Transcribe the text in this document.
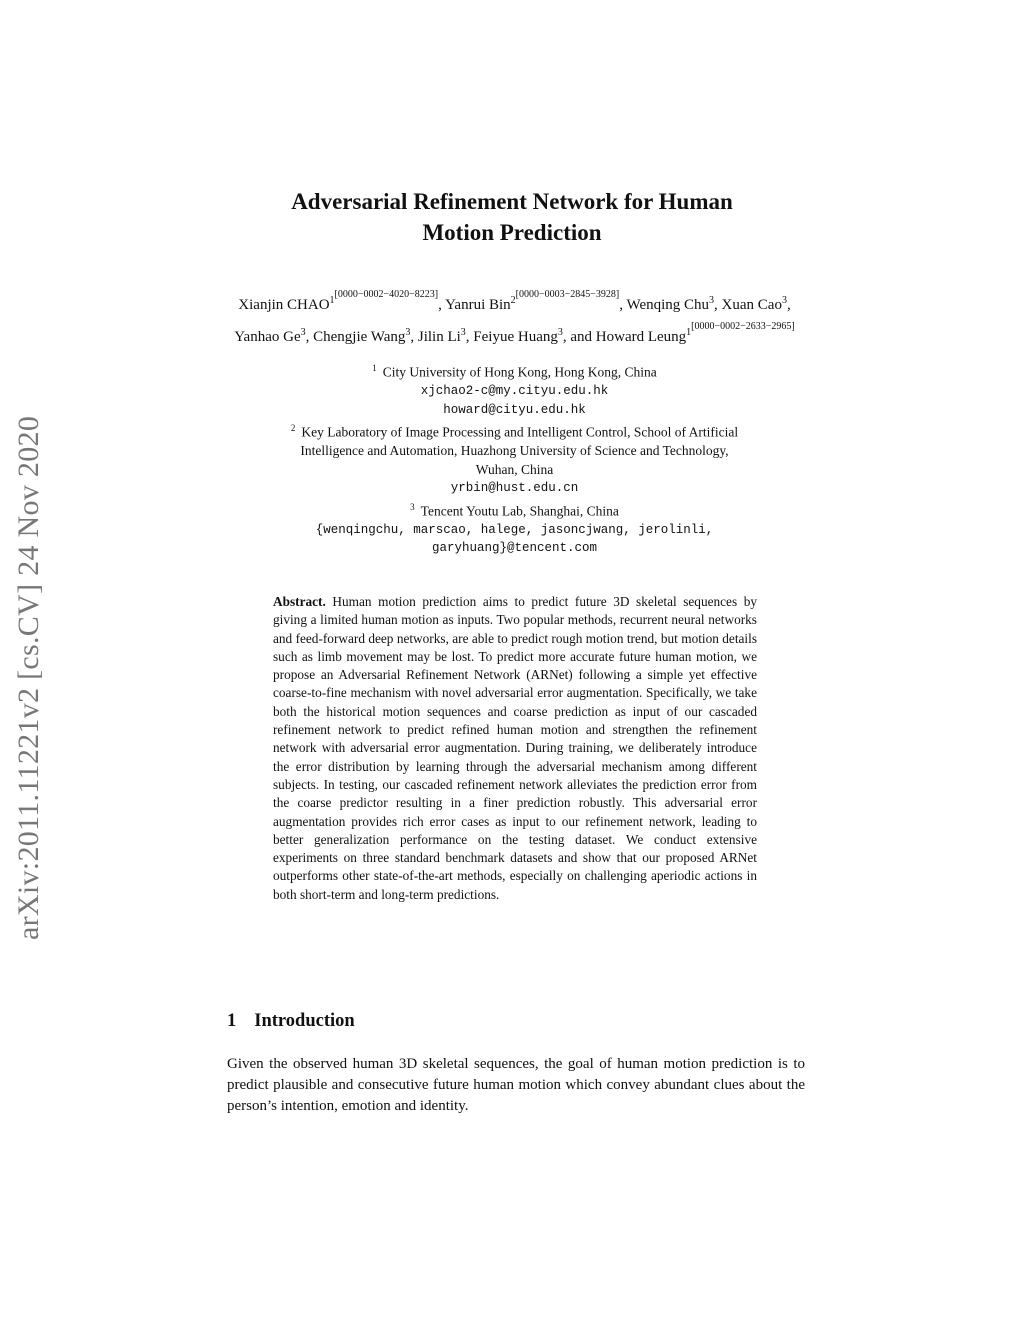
arXiv:2011.11221v2 [cs.CV] 24 Nov 2020
Adversarial Refinement Network for Human
Motion Prediction
Xianjin $CHAO^{1[0000-0002-4020-8223]}$, Yanrui Bin$^{2[0000-0003-2845-3928]}$, Wenqing Chu$^3$, Xuan Cao$^3$, Yanhao Ge$^3$, Chengjie Wang$^3$, Jilin Li$^3$, Feiyue Huang$^3$, and Howard Leung$^{1[0000-0002-2633-2965]}$
$^1$ City University of Hong Kong, Hong Kong, China
xjchao2-c@my.cityu.edu.hk
howard@cityu.edu.hk
$^2$ Key Laboratory of Image Processing and Intelligent Control, School of Artificial
Intelligence and Automation, Huazhong University of Science and Technology,
Wuhan, China
yrbin@hust.edu.cn
$^3$ Tencent Youtu Lab, Shanghai, China
{wenqingchu, marscao, halege, jasoncjwang, jerolinli,
garyhuang}@tencent.com
Abstract. Human motion prediction aims to predict future 3D skeletal sequences by giving a limited human motion as inputs. Two popular methods, recurrent neural networks and feed-forward deep networks, are able to predict rough motion trend, but motion details such as limb movement may be lost. To predict more accurate future human motion, we propose an Adversarial Refinement Network (ARNet) following a simple yet effective coarse-to-fine mechanism with novel adversarial error augmentation. Specifically, we take both the historical motion sequences and coarse prediction as input of our cascaded refinement network to predict refined human motion and strengthen the refinement network with adversarial error augmentation. During training, we deliberately introduce the error distribution by learning through the adversarial mechanism among different subjects. In testing, our cascaded refinement network alleviates the prediction error from the coarse predictor resulting in a finer prediction robustly. This adversarial error augmentation provides rich error cases as input to our refinement network, leading to better generalization performance on the testing dataset. We conduct extensive experiments on three standard benchmark datasets and show that our proposed ARNet outperforms other state-of-the-art methods, especially on challenging aperiodic actions in both short-term and long-term predictions.
1 Introduction
Given the observed human 3D skeletal sequences, the goal of human motion prediction is to predict plausible and consecutive future human motion which convey abundant clues about the person’s intention, emotion and identity.
